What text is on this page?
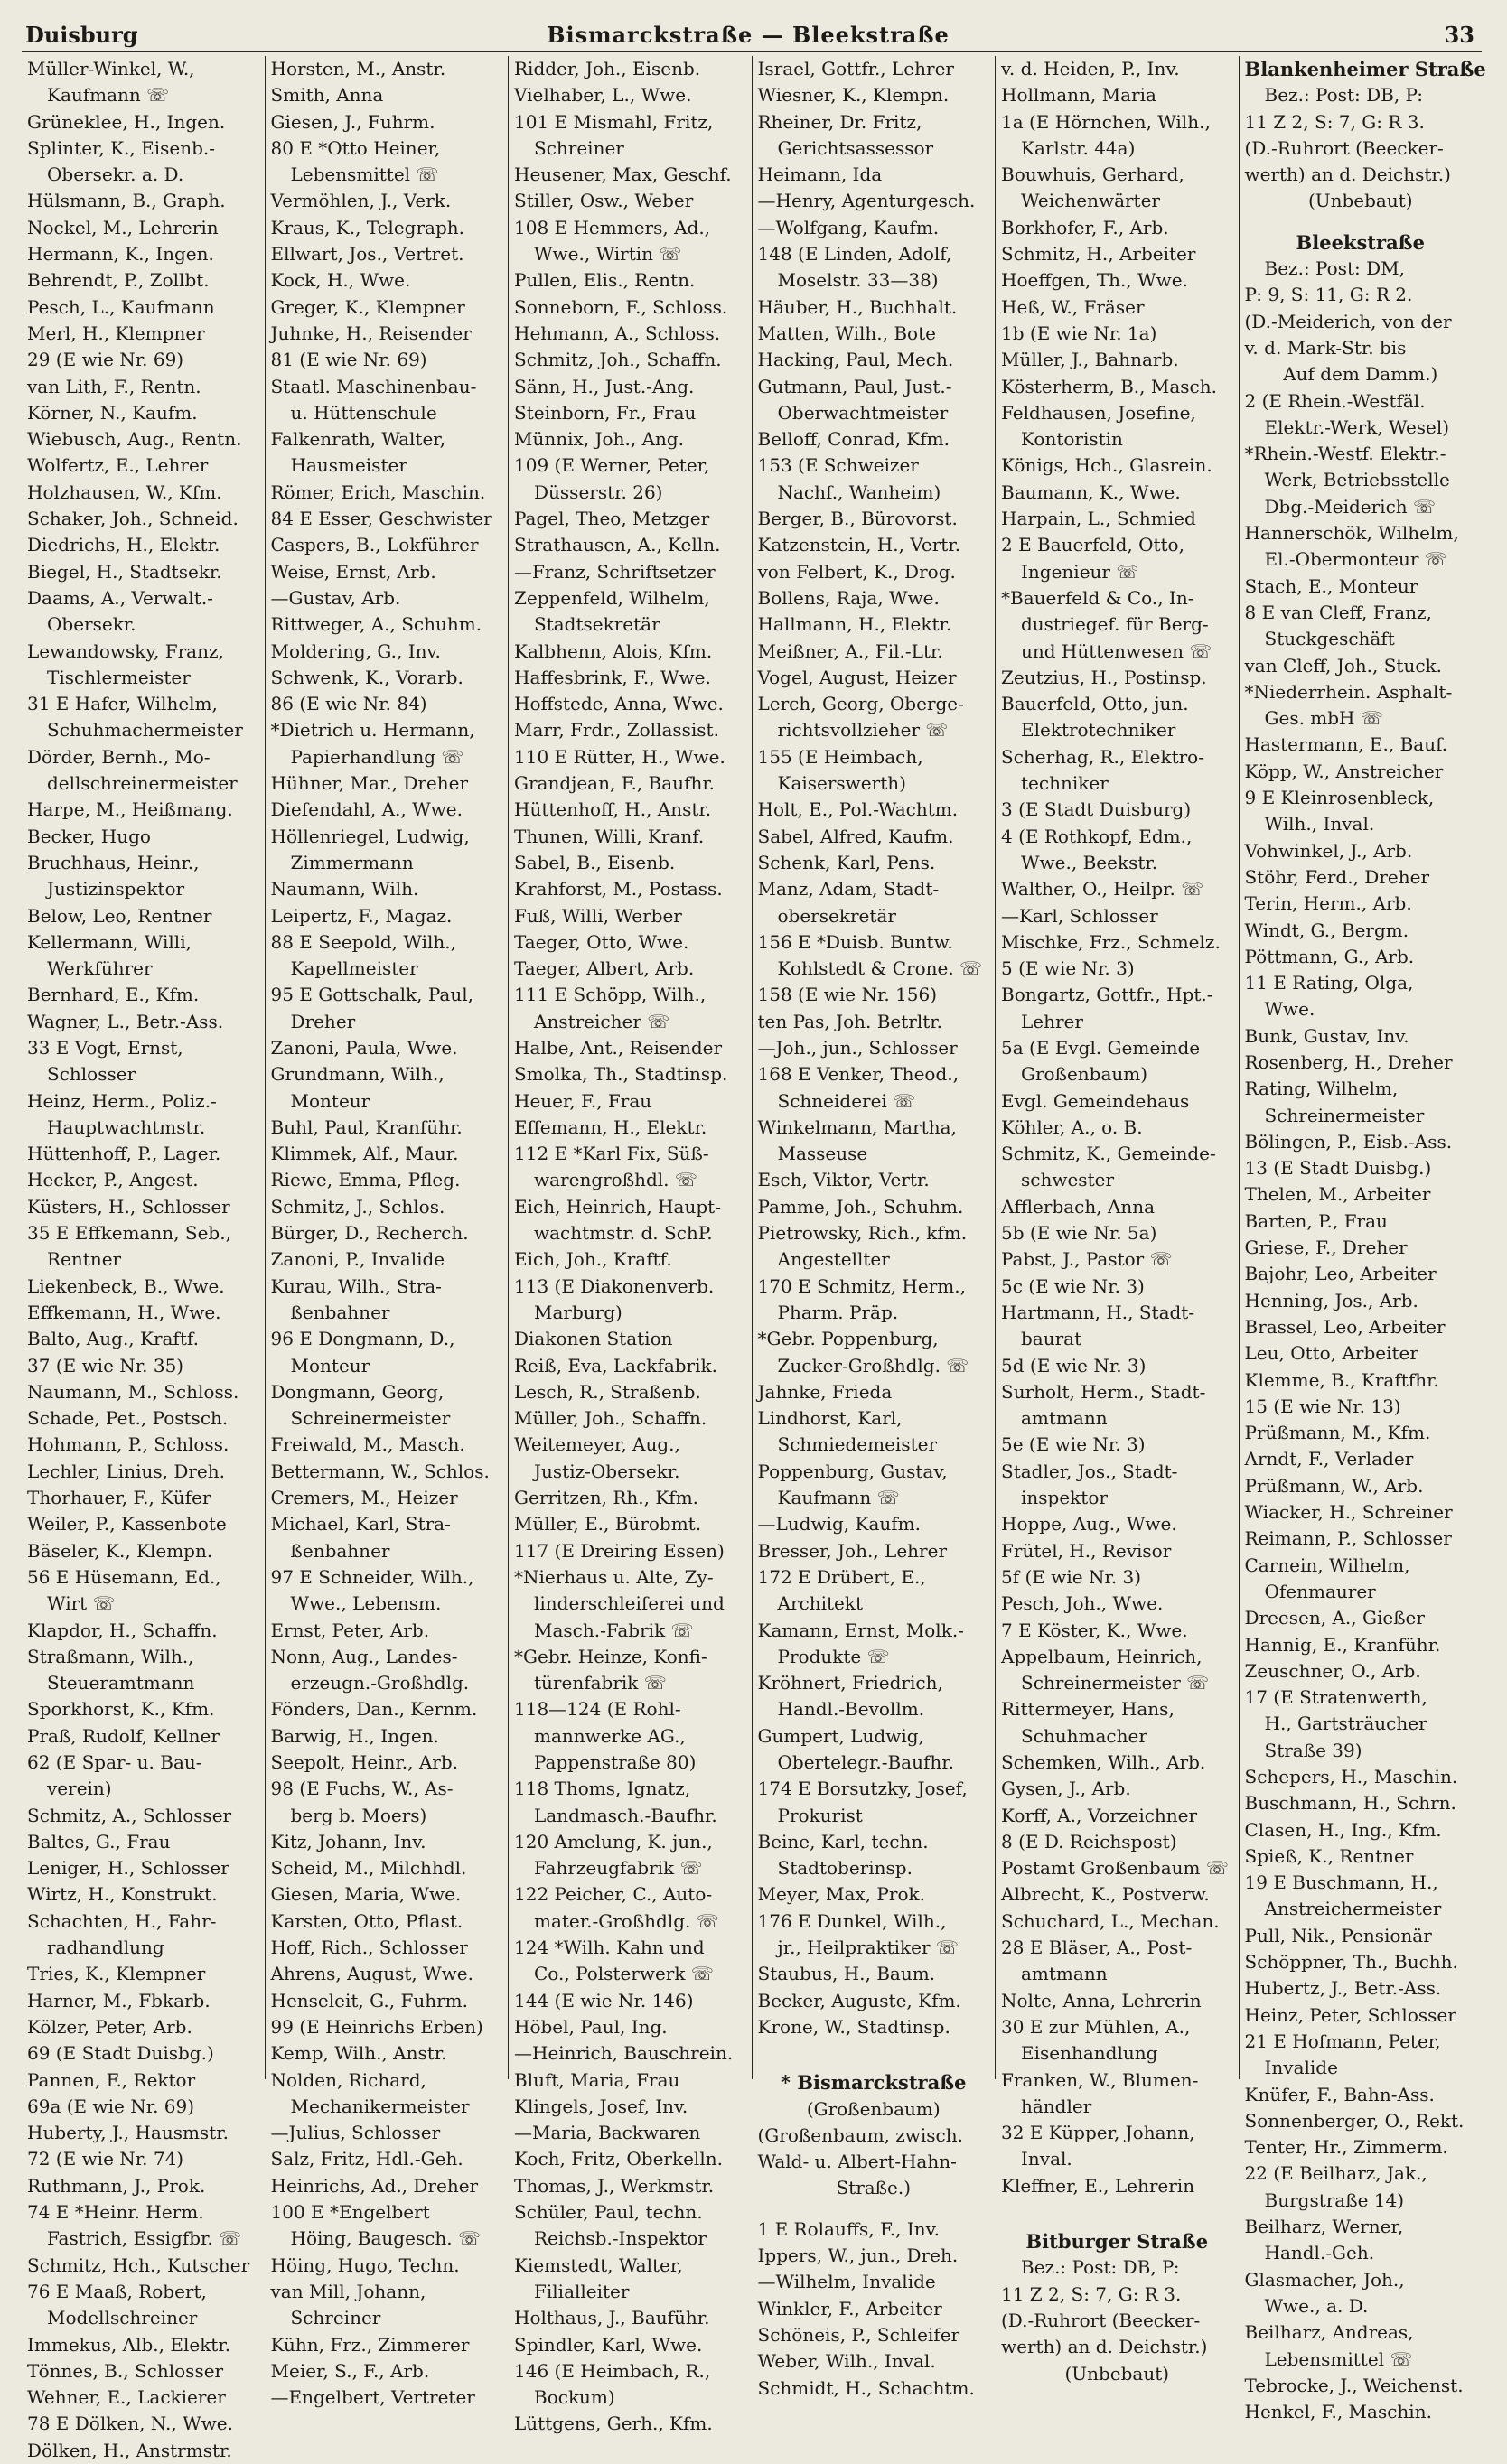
Bismarckstraße — Bleekstraße
Duisburg	33
Müller-Winkel, W.,
Kaufmann ☏
Grüneklee, H., Ingen.
Splinter, K., Eisenb.-
Obersekr. a. D.
Hülsmann, B., Graph.
Nockel, M., Lehrerin
Hermann, K., Ingen.
Behrendt, P., Zollbt.
Pesch, L., Kaufmann
Merl, H., Klempner
29 (E wie Nr. 69)
van Lith, F., Rentn.
Körner, N., Kaufm.
Wiebusch, Aug., Rentn.
Wolfertz, E., Lehrer
Holzhausen, W., Kfm.
Schaker, Joh., Schneid.
Diedrichs, H., Elektr.
Biegel, H., Stadtsekr.
Daams, A., Verwalt.-
Obersekr.
Lewandowsky, Franz,
Tischlermeister
31 E Hafer, Wilhelm,
Schuhmachermeister
Dörder, Bernh., Mo-
dellschreinermeister
Harpe, M., Heißmang.
Becker, Hugo
Bruchhaus, Heinr.,
Justizinspektor
Below, Leo, Rentner
Kellermann, Willi,
Werkführer
Bernhard, E., Kfm.
Wagner, L., Betr.-Ass.
33 E Vogt, Ernst,
Schlosser
Heinz, Herm., Poliz.-
Hauptwachtmstr.
Hüttenhoff, P., Lager.
Hecker, P., Angest.
Küsters, H., Schlosser
35 E Effkemann, Seb.,
Rentner
Liekenbeck, B., Wwe.
Effkemann, H., Wwe.
Balto, Aug., Kraftf.
37 (E wie Nr. 35)
Naumann, M., Schloss.
Schade, Pet., Postsch.
Hohmann, P., Schloss.
Lechler, Linius, Dreh.
Thorhauer, F., Küfer
Weiler, P., Kassenbote
Bäseler, K., Klempn.
56 E Hüsemann, Ed.,
Wirt ☏
Klapdor, H., Schaffn.
Straßmann, Wilh.,
Steueramtmann
Sporkhorst, K., Kfm.
Praß, Rudolf, Kellner
62 (E Spar- u. Bau-
verein)
Schmitz, A., Schlosser
Baltes, G., Frau
Leniger, H., Schlosser
Wirtz, H., Konstrukt.
Schachten, H., Fahr-
radhandlung
Tries, K., Klempner
Harner, M., Fbkarb.
Kölzer, Peter, Arb.
69 (E Stadt Duisbg.)
Pannen, F., Rektor
69a (E wie Nr. 69)
Huberty, J., Hausmstr.
72 (E wie Nr. 74)
Ruthmann, J., Prok.
74 E *Heinr. Herm.
Fastrich, Essigfbr. ☏
Schmitz, Hch., Kutscher
76 E Maaß, Robert,
Modellschreiner
Immekus, Alb., Elektr.
Tönnes, B., Schlosser
Wehner, E., Lackierer
78 E Dölken, N., Wwe.
Dölken, H., Anstrmstr.
Horsten, M., Anstr.
Smith, Anna
Giesen, J., Fuhrm.
80 E *Otto Heiner,
Lebensmittel ☏
Vermöhlen, J., Verk.
Kraus, K., Telegraph.
Ellwart, Jos., Vertret.
Kock, H., Wwe.
Greger, K., Klempner
Juhnke, H., Reisender
81 (E wie Nr. 69)
Staatl. Maschinenbau-
u. Hüttenschule
Falkenrath, Walter,
Hausmeister
Römer, Erich, Maschin.
84 E Esser, Geschwister
Caspers, B., Lokführer
Weise, Ernst, Arb.
—Gustav, Arb.
Rittweger, A., Schuhm.
Moldering, G., Inv.
Schwenk, K., Vorarb.
86 (E wie Nr. 84)
*Dietrich u. Hermann,
Papierhandlung ☏
Hühner, Mar., Dreher
Diefendahl, A., Wwe.
Höllenriegel, Ludwig,
Zimmermann
Naumann, Wilh.
Leipertz, F., Magaz.
88 E Seepold, Wilh.,
Kapellmeister
95 E Gottschalk, Paul,
Dreher
Zanoni, Paula, Wwe.
Grundmann, Wilh.,
Monteur
Buhl, Paul, Kranführ.
Klimmek, Alf., Maur.
Riewe, Emma, Pfleg.
Schmitz, J., Schlos.
Bürger, D., Recherch.
Zanoni, P., Invalide
Kurau, Wilh., Stra-
ßenbahner
96 E Dongmann, D.,
Monteur
Dongmann, Georg,
Schreinermeister
Freiwald, M., Masch.
Bettermann, W., Schlos.
Cremers, M., Heizer
Michael, Karl, Stra-
ßenbahner
97 E Schneider, Wilh.,
Wwe., Lebensm.
Ernst, Peter, Arb.
Nonn, Aug., Landes-
erzeugn.-Großhdlg.
Fönders, Dan., Kernm.
Barwig, H., Ingen.
Seepolt, Heinr., Arb.
98 (E Fuchs, W., As-
berg b. Moers)
Kitz, Johann, Inv.
Scheid, M., Milchhdl.
Giesen, Maria, Wwe.
Karsten, Otto, Pflast.
Hoff, Rich., Schlosser
Ahrens, August, Wwe.
Henseleit, G., Fuhrm.
99 (E Heinrichs Erben)
Kemp, Wilh., Anstr.
Nolden, Richard,
Mechanikermeister
—Julius, Schlosser
Salz, Fritz, Hdl.-Geh.
Heinrichs, Ad., Dreher
100 E *Engelbert
Höing, Baugesch. ☏
Höing, Hugo, Techn.
van Mill, Johann,
Schreiner
Kühn, Frz., Zimmerer
Meier, S., F., Arb.
—Engelbert, Vertreter
Ridder, Joh., Eisenb.
Vielhaber, L., Wwe.
101 E Mismahl, Fritz,
Schreiner
Heusener, Max, Geschf.
Stiller, Osw., Weber
108 E Hemmers, Ad.,
Wwe., Wirtin ☏
Pullen, Elis., Rentn.
Sonneborn, F., Schloss.
Hehmann, A., Schloss.
Schmitz, Joh., Schaffn.
Sänn, H., Just.-Ang.
Steinborn, Fr., Frau
Münnix, Joh., Ang.
109 (E Werner, Peter,
Düsserstr. 26)
Pagel, Theo, Metzger
Strathausen, A., Kelln.
—Franz, Schriftsetzer
Zeppenfeld, Wilhelm,
Stadtsekretär
Kalbhenn, Alois, Kfm.
Haffesbrink, F., Wwe.
Hoffstede, Anna, Wwe.
Marr, Frdr., Zollassist.
110 E Rütter, H., Wwe.
Grandjean, F., Baufhr.
Hüttenhoff, H., Anstr.
Thunen, Willi, Kranf.
Sabel, B., Eisenb.
Krahforst, M., Postass.
Fuß, Willi, Werber
Taeger, Otto, Wwe.
Taeger, Albert, Arb.
111 E Schöpp, Wilh.,
Anstreicher ☏
Halbe, Ant., Reisender
Smolka, Th., Stadtinsp.
Heuer, F., Frau
Effemann, H., Elektr.
112 E *Karl Fix, Süß-
warengroßhdl. ☏
Eich, Heinrich, Haupt-
wachtmstr. d. SchP.
Eich, Joh., Kraftf.
113 (E Diakonenverb.
Marburg)
Diakonen Station
Reiß, Eva, Lackfabrik.
Lesch, R., Straßenb.
Müller, Joh., Schaffn.
Weitemeyer, Aug.,
Justiz-Obersekr.
Gerritzen, Rh., Kfm.
Müller, E., Bürobmt.
117 (E Dreiring Essen)
*Nierhaus u. Alte, Zy-
linderschleiferei und
Masch.-Fabrik ☏
*Gebr. Heinze, Konfi-
türenfabrik ☏
118—124 (E Rohl-
mannwerke AG.,
Pappenstraße 80)
118 Thoms, Ignatz,
Landmasch.-Baufhr.
120 Amelung, K. jun.,
Fahrzeugfabrik ☏
122 Peicher, C., Auto-
mater.-Großhdlg. ☏
124 *Wilh. Kahn und
Co., Polsterwerk ☏
144 (E wie Nr. 146)
Höbel, Paul, Ing.
—Heinrich, Bauschrein.
Bluft, Maria, Frau
Klingels, Josef, Inv.
—Maria, Backwaren
Koch, Fritz, Oberkelln.
Thomas, J., Werkmstr.
Schüler, Paul, techn.
Reichsb.-Inspektor
Kiemstedt, Walter,
Filialleiter
Holthaus, J., Bauführ.
Spindler, Karl, Wwe.
146 (E Heimbach, R.,
Bockum)
Lüttgens, Gerh., Kfm.
Israel, Gottfr., Lehrer
Wiesner, K., Klempn.
Rheiner, Dr. Fritz,
Gerichtsassessor
Heimann, Ida
—Henry, Agenturgesch.
—Wolfgang, Kaufm.
148 (E Linden, Adolf,
Moselstr. 33—38)
Häuber, H., Buchhalt.
Matten, Wilh., Bote
Hacking, Paul, Mech.
Gutmann, Paul, Just.-
Oberwachtmeister
Belloff, Conrad, Kfm.
153 (E Schweizer
Nachf., Wanheim)
Berger, B., Bürovorst.
Katzenstein, H., Vertr.
von Felbert, K., Drog.
Bollens, Raja, Wwe.
Hallmann, H., Elektr.
Meißner, A., Fil.-Ltr.
Vogel, August, Heizer
Lerch, Georg, Oberge-
richtsvollzieher ☏
155 (E Heimbach,
Kaiserswerth)
Holt, E., Pol.-Wachtm.
Sabel, Alfred, Kaufm.
Schenk, Karl, Pens.
Manz, Adam, Stadt-
obersekretär
156 E *Duisb. Buntw.
Kohlstedt & Crone. ☏
158 (E wie Nr. 156)
ten Pas, Joh. Betrltr.
—Joh., jun., Schlosser
168 E Venker, Theod.,
Schneiderei ☏
Winkelmann, Martha,
Masseuse
Esch, Viktor, Vertr.
Pamme, Joh., Schuhm.
Pietrowsky, Rich., kfm.
Angestellter
170 E Schmitz, Herm.,
Pharm. Präp.
*Gebr. Poppenburg,
Zucker-Großhdlg. ☏
Jahnke, Frieda
Lindhorst, Karl,
Schmiedemeister
Poppenburg, Gustav,
Kaufmann ☏
—Ludwig, Kaufm.
Bresser, Joh., Lehrer
172 E Drübert, E.,
Architekt
Kamann, Ernst, Molk.-
Produkte ☏
Kröhnert, Friedrich,
Handl.-Bevollm.
Gumpert, Ludwig,
Obertelegr.-Baufhr.
174 E Borsutzky, Josef,
Prokurist
Beine, Karl, techn.
Stadtoberinsp.
Meyer, Max, Prok.
176 E Dunkel, Wilh.,
jr., Heilpraktiker ☏
Staubus, H., Baum.
Becker, Auguste, Kfm.
Krone, W., Stadtinsp.
* Bismarckstraße
(Großenbaum)
(Großenbaum, zwisch.
Wald- u. Albert-Hahn-
Straße.)
1 E Rolauffs, F., Inv.
Ippers, W., jun., Dreh.
—Wilhelm, Invalide
Winkler, F., Arbeiter
Schöneis, P., Schleifer
Weber, Wilh., Inval.
Schmidt, H., Schachtm.
v. d. Heiden, P., Inv.
Hollmann, Maria
1a (E Hörnchen, Wilh.,
Karlstr. 44a)
Bouwhuis, Gerhard,
Weichenwärter
Borkhofer, F., Arb.
Schmitz, H., Arbeiter
Hoeffgen, Th., Wwe.
Heß, W., Fräser
1b (E wie Nr. 1a)
Müller, J., Bahnarb.
Kösterherm, B., Masch.
Feldhausen, Josefine,
Kontoristin
Königs, Hch., Glasrein.
Baumann, K., Wwe.
Harpain, L., Schmied
2 E Bauerfeld, Otto,
Ingenieur ☏
*Bauerfeld & Co., In-
dustriegef. für Berg-
und Hüttenwesen ☏
Zeutzius, H., Postinsp.
Bauerfeld, Otto, jun.
Elektrotechniker
Scherhag, R., Elektro-
techniker
3 (E Stadt Duisburg)
4 (E Rothkopf, Edm.,
Wwe., Beekstr.
Walther, O., Heilpr. ☏
—Karl, Schlosser
Mischke, Frz., Schmelz.
5 (E wie Nr. 3)
Bongartz, Gottfr., Hpt.-
Lehrer
5a (E Evgl. Gemeinde
Großenbaum)
Evgl. Gemeindehaus
Köhler, A., o. B.
Schmitz, K., Gemeinde-
schwester
Afflerbach, Anna
5b (E wie Nr. 5a)
Pabst, J., Pastor ☏
5c (E wie Nr. 3)
Hartmann, H., Stadt-
baurat
5d (E wie Nr. 3)
Surholt, Herm., Stadt-
amtmann
5e (E wie Nr. 3)
Stadler, Jos., Stadt-
inspektor
Hoppe, Aug., Wwe.
Frütel, H., Revisor
5f (E wie Nr. 3)
Pesch, Joh., Wwe.
7 E Köster, K., Wwe.
Appelbaum, Heinrich,
Schreinermeister ☏
Rittermeyer, Hans,
Schuhmacher
Schemken, Wilh., Arb.
Gysen, J., Arb.
Korff, A., Vorzeichner
8 (E D. Reichspost)
Postamt Großenbaum ☏
Albrecht, K., Postverw.
Schuchard, L., Mechan.
28 E Bläser, A., Post-
amtmann
Nolte, Anna, Lehrerin
30 E zur Mühlen, A.,
Eisenhandlung
Franken, W., Blumen-
händler
32 E Küpper, Johann,
Inval.
Kleffner, E., Lehrerin
Bitburger Straße
Bez.: Post: DB, P:
11 Z 2, S: 7, G: R 3.
(D.-Ruhrort (Beecker-
werth) an d. Deichstr.)
(Unbebaut)
Blankenheimer Straße
Bez.: Post: DB, P:
11 Z 2, S: 7, G: R 3.
(D.-Ruhrort (Beecker-
werth) an d. Deichstr.)
(Unbebaut)
Bleekstraße
Bez.: Post: DM,
P: 9, S: 11, G: R 2.
(D.-Meiderich, von der
v. d. Mark-Str. bis
Auf dem Damm.)
2 (E Rhein.-Westfäl.
Elektr.-Werk, Wesel)
*Rhein.-Westf. Elektr.-
Werk, Betriebsstelle
Dbg.-Meiderich ☏
Hannerschök, Wilhelm,
El.-Obermonteur ☏
Stach, E., Monteur
8 E van Cleff, Franz,
Stuckgeschäft
van Cleff, Joh., Stuck.
*Niederrhein. Asphalt-
Ges. mbH ☏
Hastermann, E., Bauf.
Köpp, W., Anstreicher
9 E Kleinrosenbleck,
Wilh., Inval.
Vohwinkel, J., Arb.
Stöhr, Ferd., Dreher
Terin, Herm., Arb.
Windt, G., Bergm.
Pöttmann, G., Arb.
11 E Rating, Olga,
Wwe.
Bunk, Gustav, Inv.
Rosenberg, H., Dreher
Rating, Wilhelm,
Schreinermeister
Bölingen, P., Eisb.-Ass.
13 (E Stadt Duisbg.)
Thelen, M., Arbeiter
Barten, P., Frau
Griese, F., Dreher
Bajohr, Leo, Arbeiter
Henning, Jos., Arb.
Brassel, Leo, Arbeiter
Leu, Otto, Arbeiter
Klemme, B., Kraftfhr.
15 (E wie Nr. 13)
Prüßmann, M., Kfm.
Arndt, F., Verlader
Prüßmann, W., Arb.
Wiacker, H., Schreiner
Reimann, P., Schlosser
Carnein, Wilhelm,
Ofenmaurer
Dreesen, A., Gießer
Hannig, E., Kranführ.
Zeuschner, O., Arb.
17 (E Stratenwerth,
H., Gartsträucher
Straße 39)
Schepers, H., Maschin.
Buschmann, H., Schrn.
Clasen, H., Ing., Kfm.
Spieß, K., Rentner
19 E Buschmann, H.,
Anstreichermeister
Pull, Nik., Pensionär
Schöppner, Th., Buchh.
Hubertz, J., Betr.-Ass.
Heinz, Peter, Schlosser
21 E Hofmann, Peter,
Invalide
Knüfer, F., Bahn-Ass.
Sonnenberger, O., Rekt.
Tenter, Hr., Zimmerm.
22 (E Beilharz, Jak.,
Burgstraße 14)
Beilharz, Werner,
Handl.-Geh.
Glasmacher, Joh.,
Wwe., a. D.
Beilharz, Andreas,
Lebensmittel ☏
Tebrocke, J., Weichenst.
Henkel, F., Maschin.
